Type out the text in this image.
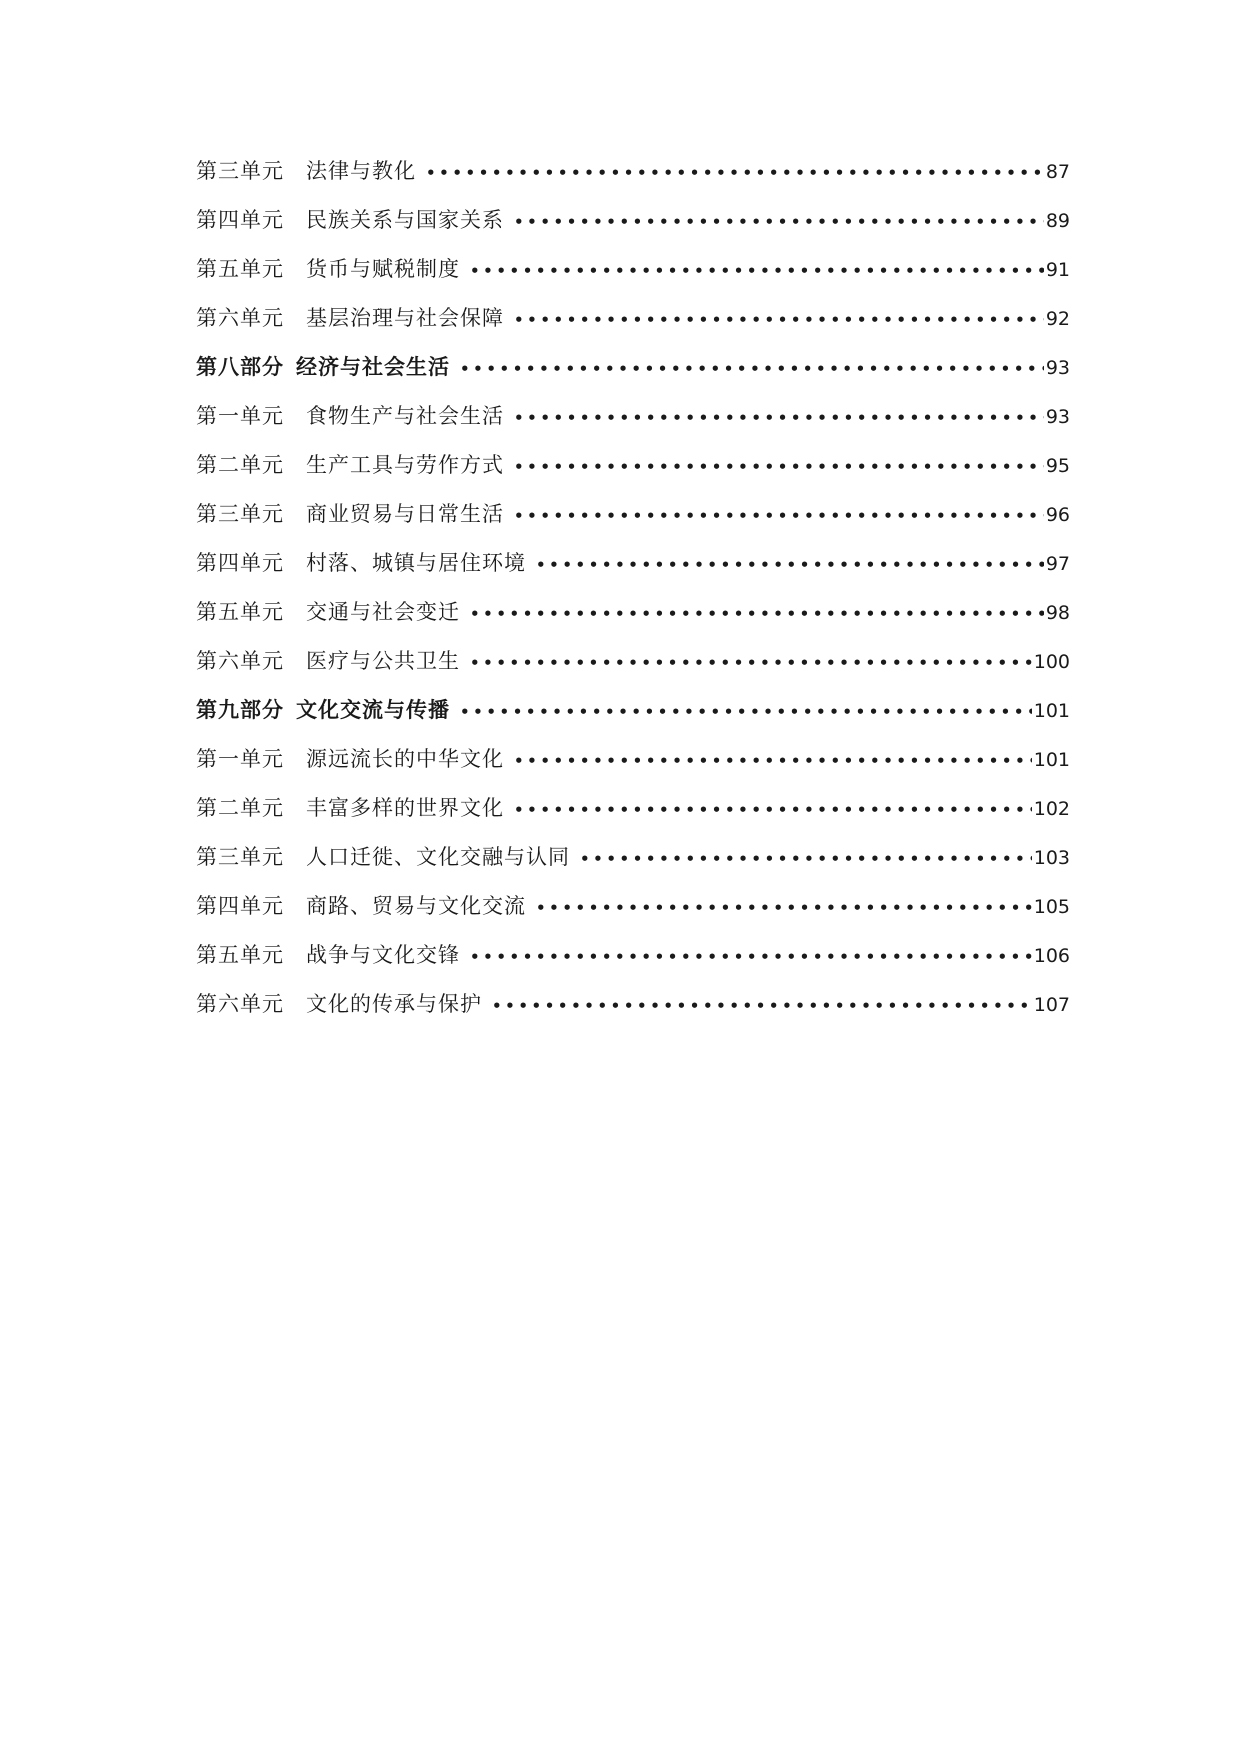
第三单元	法律与教化 •••••	87
第四单元	民族关系与国家关系 •••••	89
第五单元	货币与赋税制度 •••••	91
第六单元	基层治理与社会保障 •••••	92
第八部分 经济与社会生活 •••••	93
第一单元	食物生产与社会生活 •••••	93
第二单元	生产工具与劳作方式 •••••	95
第三单元	商业贸易与日常生活 •••••	96
第四单元	村落、城镇与居住环境 •••••	97
第五单元	交通与社会变迁 •••••	98
第六单元	医疗与公共卫生 •••••	100
第九部分 文化交流与传播 •••••	101
第一单元	源远流长的中华文化 •••••	101
第二单元	丰富多样的世界文化 •••••	102
第三单元	人口迁徙、文化交融与认同 •••••	103
第四单元	商路、贸易与文化交流 •••••	105
第五单元	战争与文化交锋 •••••	106
第六单元	文化的传承与保护 •••••	107
